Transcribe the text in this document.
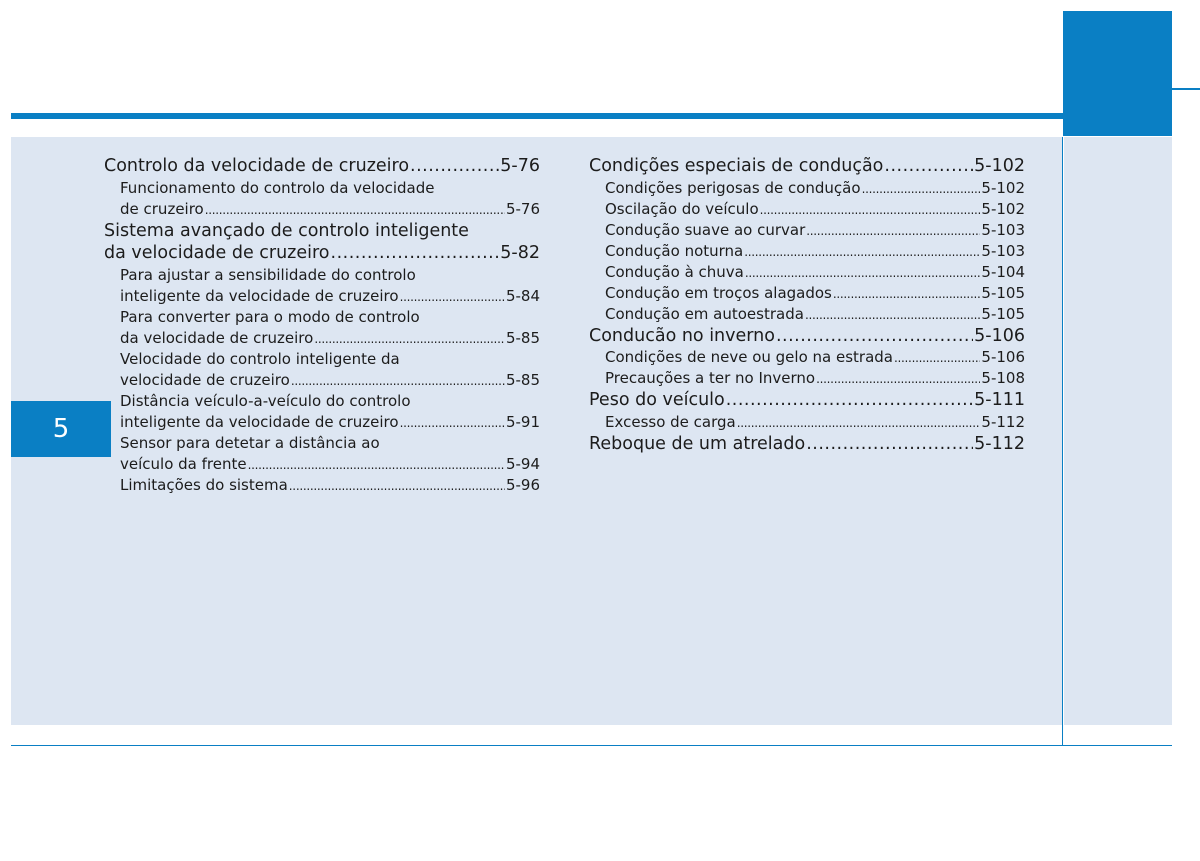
5
Controlo da velocidade de cruzeiro .....	5-76
Funcionamento do controlo da velocidade
de cruzeiro .....	5-76
Sistema avançado de controlo inteligente
da velocidade de cruzeiro .....	5-82
Para ajustar a sensibilidade do controlo
inteligente da velocidade de cruzeiro .....	5-84
Para converter para o modo de controlo
da velocidade de cruzeiro .....	5-85
Velocidade do controlo inteligente da
velocidade de cruzeiro .....	5-85
Distância veículo-a-veículo do controlo
inteligente da velocidade de cruzeiro .....	5-91
Sensor para detetar a distância ao
veículo da frente .....	5-94
Limitações do sistema .....	5-96
Condições especiais de condução .....	5-102
Condições perigosas de condução .....	5-102
Oscilação do veículo .....	5-102
Condução suave ao curvar .....	5-103
Condução noturna .....	5-103
Condução à chuva .....	5-104
Condução em troços alagados .....	5-105
Condução em autoestrada .....	5-105
Conducão no inverno .....	5-106
Condições de neve ou gelo na estrada .....	5-106
Precauções a ter no Inverno .....	5-108
Peso do veículo .....	5-111
Excesso de carga .....	5-112
Reboque de um atrelado .....	5-112
